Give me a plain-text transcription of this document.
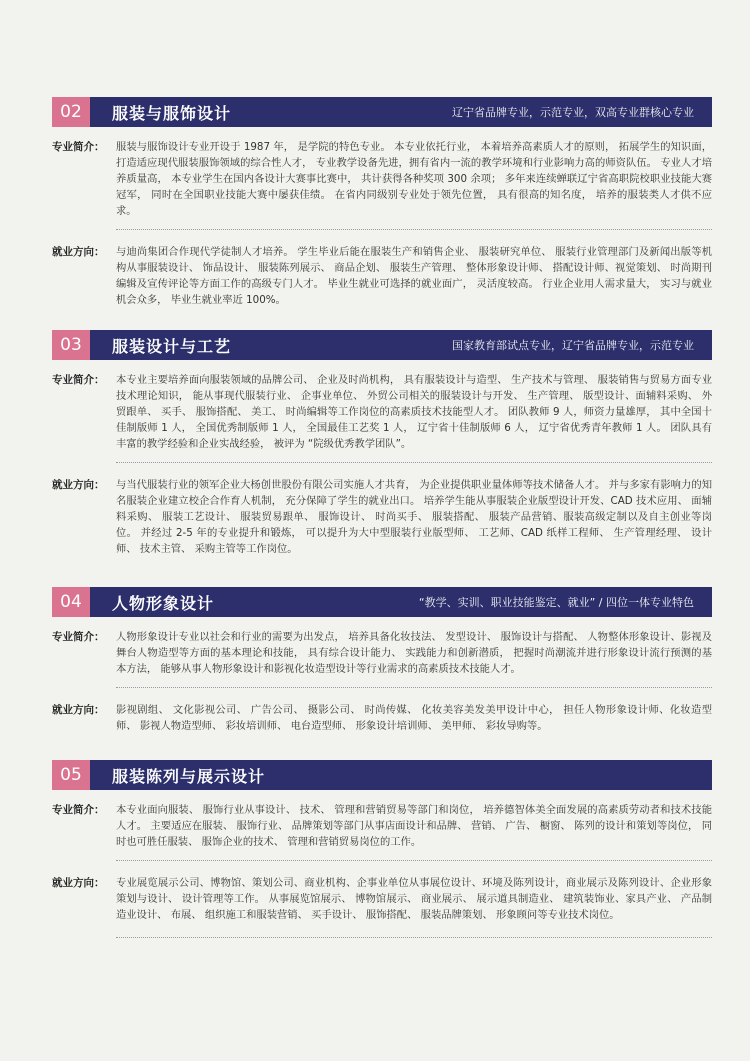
02	服装与服饰设计	辽宁省品牌专业，示范专业，双高专业群核心专业
专业简介：	服装与服饰设计专业开设于 1987 年， 是学院的特色专业。 本专业依托行业， 本着培养高素质人才的原则， 拓展学生的知识面， 打造适应现代服装服饰领域的综合性人才， 专业教学设备先进，拥有省内一流的教学环境和行业影响力高的师资队伍。 专业人才培养质量高， 本专业学生在国内各设计大赛事比赛中， 共计获得各种奖项 300 余项； 多年来连续蝉联辽宁省高职院校职业技能大赛冠军， 同时在全国职业技能大赛中屡获佳绩。 在省内同级别专业处于领先位置， 具有很高的知名度， 培养的服装类人才供不应求。
就业方向：	与迪尚集团合作现代学徒制人才培养。 学生毕业后能在服装生产和销售企业、 服装研究单位、 服装行业管理部门及新闻出版等机构从事服装设计、 饰品设计、 服装陈列展示、 商品企划、 服装生产管理、 整体形象设计师、 搭配设计师、视觉策划、 时尚期刊编辑及宣传评论等方面工作的高级专门人才。 毕业生就业可选择的就业面广， 灵活度较高。 行业企业用人需求量大， 实习与就业机会众多， 毕业生就业率近 100%。
03	服装设计与工艺	国家教育部试点专业，辽宁省品牌专业，示范专业
专业简介：	本专业主要培养面向服装领域的品牌公司、 企业及时尚机构， 具有服装设计与造型、 生产技术与管理、 服装销售与贸易方面专业技术理论知识， 能从事现代服装行业、 企事业单位、 外贸公司相关的服装设计与开发、 生产管理、 版型设计、面辅料采购、 外贸跟单、 买手、 服饰搭配、 美工、 时尚编辑等工作岗位的高素质技术技能型人才。 团队教师 9 人，师资力量雄厚， 其中全国十佳制版师 1 人， 全国优秀制版师 1 人， 全国最佳工艺奖 1 人， 辽宁省十佳制版师 6 人， 辽宁省优秀青年教师 1 人。 团队具有丰富的教学经验和企业实战经验， 被评为 “院级优秀教学团队”。
就业方向：	与当代服装行业的领军企业大杨创世股份有限公司实施人才共育， 为企业提供职业量体师等技术储备人才。 并与多家有影响力的知名服装企业建立校企合作育人机制， 充分保障了学生的就业出口。 培养学生能从事服装企业版型设计开发、CAD 技术应用、 面辅料采购、 服装工艺设计、 服装贸易跟单、 服饰设计、 时尚买手、 服装搭配、 服装产品营销、服装高级定制以及自主创业等岗位。 并经过 2-5 年的专业提升和锻炼， 可以提升为大中型服装行业版型师、 工艺师、CAD 纸样工程师、 生产管理经理、 设计师、 技术主管、 采购主管等工作岗位。
04	人物形象设计	“教学、实训、职业技能鉴定、就业” / 四位一体专业特色
专业简介：	人物形象设计专业以社会和行业的需要为出发点， 培养具备化妆技法、 发型设计、 服饰设计与搭配、 人物整体形象设计、影视及舞台人物造型等方面的基本理论和技能， 具有综合设计能力、 实践能力和创新潜质， 把握时尚潮流并进行形象设计流行预测的基本方法， 能够从事人物形象设计和影视化妆造型设计等行业需求的高素质技术技能人才。
就业方向：	影视剧组、 文化影视公司、 广告公司、 摄影公司、 时尚传媒、 化妆美容美发美甲设计中心， 担任人物形象设计师、化妆造型师、 影视人物造型师、 彩妆培训师、 电台造型师、 形象设计培训师、 美甲师、 彩妆导购等。
05	服装陈列与展示设计
专业简介：	本专业面向服装、 服饰行业从事设计、 技术、 管理和营销贸易等部门和岗位， 培养德智体美全面发展的高素质劳动者和技术技能人才。 主要适应在服装、 服饰行业、 品牌策划等部门从事店面设计和品牌、 营销、 广告、 橱窗、 陈列的设计和策划等岗位， 同时也可胜任服装、 服饰企业的技术、 管理和营销贸易岗位的工作。
就业方向：	专业展览展示公司、博物馆、策划公司、商业机构、企事业单位从事展位设计、环境及陈列设计，商业展示及陈列设计、企业形象策划与设计、 设计管理等工作。 从事展览馆展示、 博物馆展示、 商业展示、 展示道具制造业、 建筑装饰业、家具产业、 产品制造业设计、 布展、 组织施工和服装营销、 买手设计、 服饰搭配、 服装品牌策划、 形象顾问等专业技术岗位。
